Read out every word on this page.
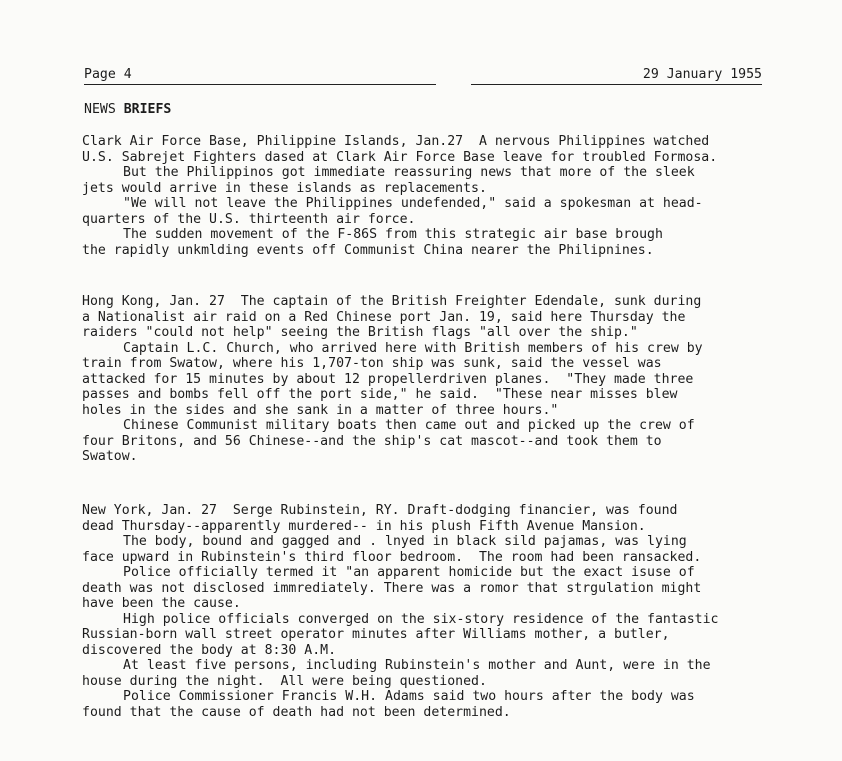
Page 4	29 January 1955
NEWS BRIEFS
Clark Air Force Base, Philippine Islands, Jan.27  A nervous Philippines watched
U.S. Sabrejet Fighters dased at Clark Air Force Base leave for troubled Formosa.
But the Philippinos got immediate reassuring news that more of the sleek
jets would arrive in these islands as replacements.
"We will not leave the Philippines undefended," said a spokesman at head-
quarters of the U.S. thirteenth air force.
The sudden movement of the F-86S from this strategic air base brough
the rapidly unkmlding events off Communist China nearer the Philipnines.
Hong Kong, Jan. 27  The captain of the British Freighter Edendale, sunk during
a Nationalist air raid on a Red Chinese port Jan. 19, said here Thursday the
raiders "could not help" seeing the British flags "all over the ship."
Captain L.C. Church, who arrived here with British members of his crew by
train from Swatow, where his 1,707-ton ship was sunk, said the vessel was
attacked for 15 minutes by about 12 propellerdriven planes.  "They made three
passes and bombs fell off the port side," he said.  "These near misses blew
holes in the sides and she sank in a matter of three hours."
Chinese Communist military boats then came out and picked up the crew of
four Britons, and 56 Chinese--and the ship's cat mascot--and took them to
Swatow.
New York, Jan. 27  Serge Rubinstein, RY. Draft-dodging financier, was found
dead Thursday--apparently murdered-- in his plush Fifth Avenue Mansion.
The body, bound and gagged and . lnyed in black sild pajamas, was lying
face upward in Rubinstein's third floor bedroom.  The room had been ransacked.
Police officially termed it "an apparent homicide but the exact isuse of
death was not disclosed immrediately. There was a romor that strgulation might
have been the cause.
High police officials converged on the six-story residence of the fantastic
Russian-born wall street operator minutes after Williams mother, a butler,
discovered the body at 8:30 A.M.
At least five persons, including Rubinstein's mother and Aunt, were in the
house during the night.  All were being questioned.
Police Commissioner Francis W.H. Adams said two hours after the body was
found that the cause of death had not been determined.
